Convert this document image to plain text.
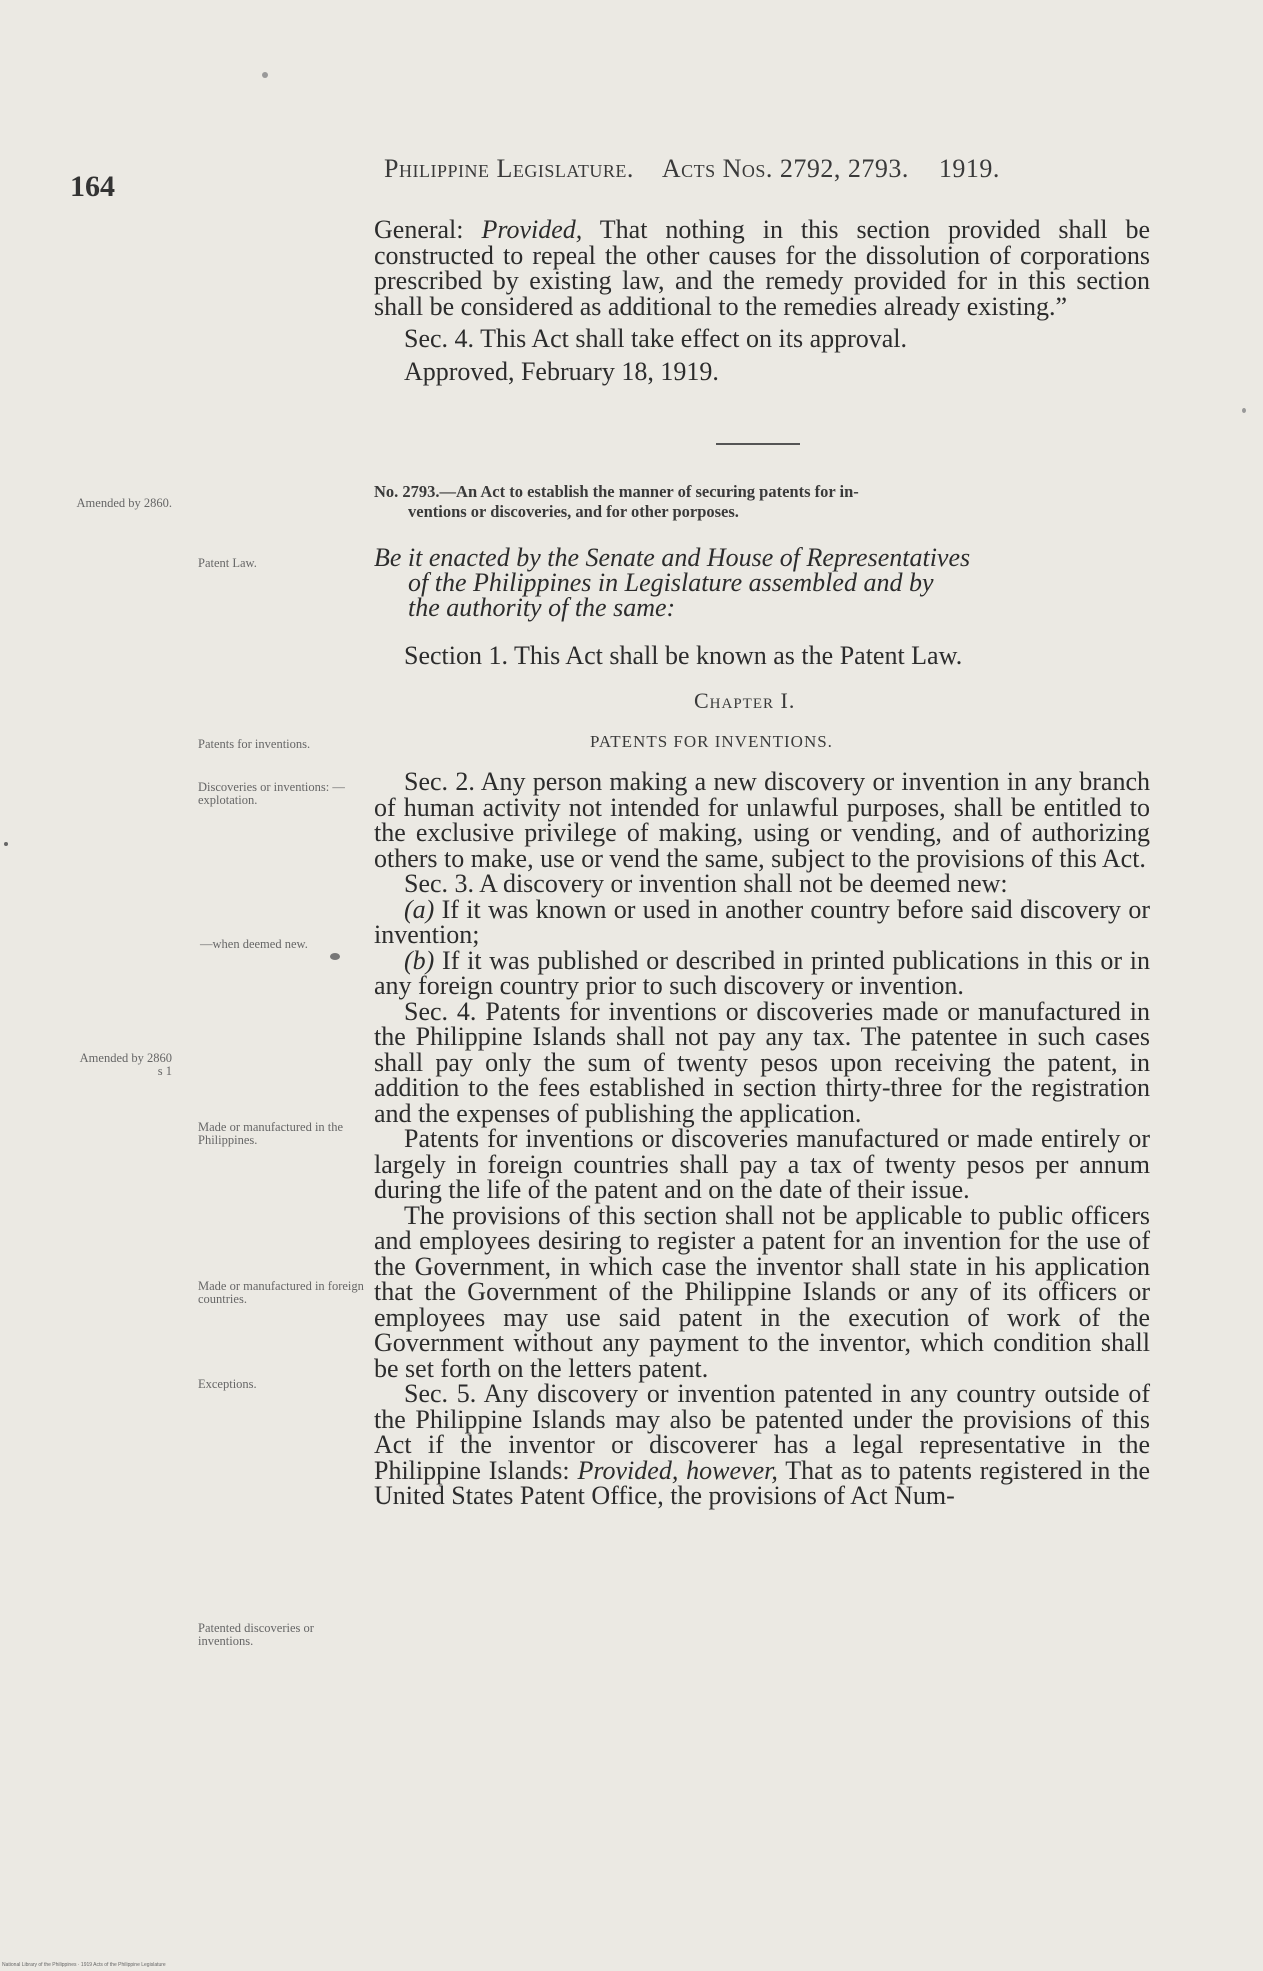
164
Philippine Legislature. Acts Nos. 2792, 2793. 1919.

General: Provided, That nothing in this section provided shall be constructed to repeal the other causes for the dissolution of corporations prescribed by existing law, and the remedy provided for in this section shall be considered as additional to the remedies already existing.”

Sec. 4. This Act shall take effect on its approval.

Approved, February 18, 1919.

No. 2793.—An Act to establish the manner of securing patents for in-
ventions or discoveries, and for other porposes.
Be it enacted by the Senate and House of Representatives
of the Philippines in Legislature assembled and by
the authority of the same:
Section 1. This Act shall be known as the Patent Law.
Chapter I.
PATENTS FOR INVENTIONS.

Sec. 2. Any person making a new discovery or invention in any branch of human activity not intended for unlawful purposes, shall be entitled to the exclusive privilege of making, using or vending, and of authorizing others to make, use or vend the same, subject to the provisions of this Act.

Sec. 3. A discovery or invention shall not be deemed new:

(a) If it was known or used in another country before said discovery or invention;

(b) If it was published or described in printed publications in this or in any foreign country prior to such discovery or invention.

Sec. 4. Patents for inventions or discoveries made or manufactured in the Philippine Islands shall not pay any tax. The patentee in such cases shall pay only the sum of twenty pesos upon receiving the patent, in addition to the fees established in section thirty-three for the registration and the expenses of publishing the application.

Patents for inventions or discoveries manufactured or made entirely or largely in foreign countries shall pay a tax of twenty pesos per annum during the life of the patent and on the date of their issue.

The provisions of this section shall not be applicable to public officers and employees desiring to register a patent for an invention for the use of the Government, in which case the inventor shall state in his application that the Government of the Philippine Islands or any of its officers or employees may use said patent in the execution of work of the Government without any payment to the inventor, which condition shall be set forth on the letters patent.

Sec. 5. Any discovery or invention patented in any country outside of the Philippine Islands may also be patented under the provisions of this Act if the inventor or discoverer has a legal representative in the Philippine Islands: Provided, however, That as to patents registered in the United States Patent Office, the provisions of Act Num-

Amended by 2860.
Patent Law.
Patents for inventions.
Discoveries or inventions: —explotation.
—when deemed new.
Amended by 2860 s 1
Made or manufactured in the Philippines.
Made or manufactured in foreign countries.
Exceptions.
Patented discoveries or inventions.
National Library of the Philippines · 1919 Acts of the Philippine Legislature
